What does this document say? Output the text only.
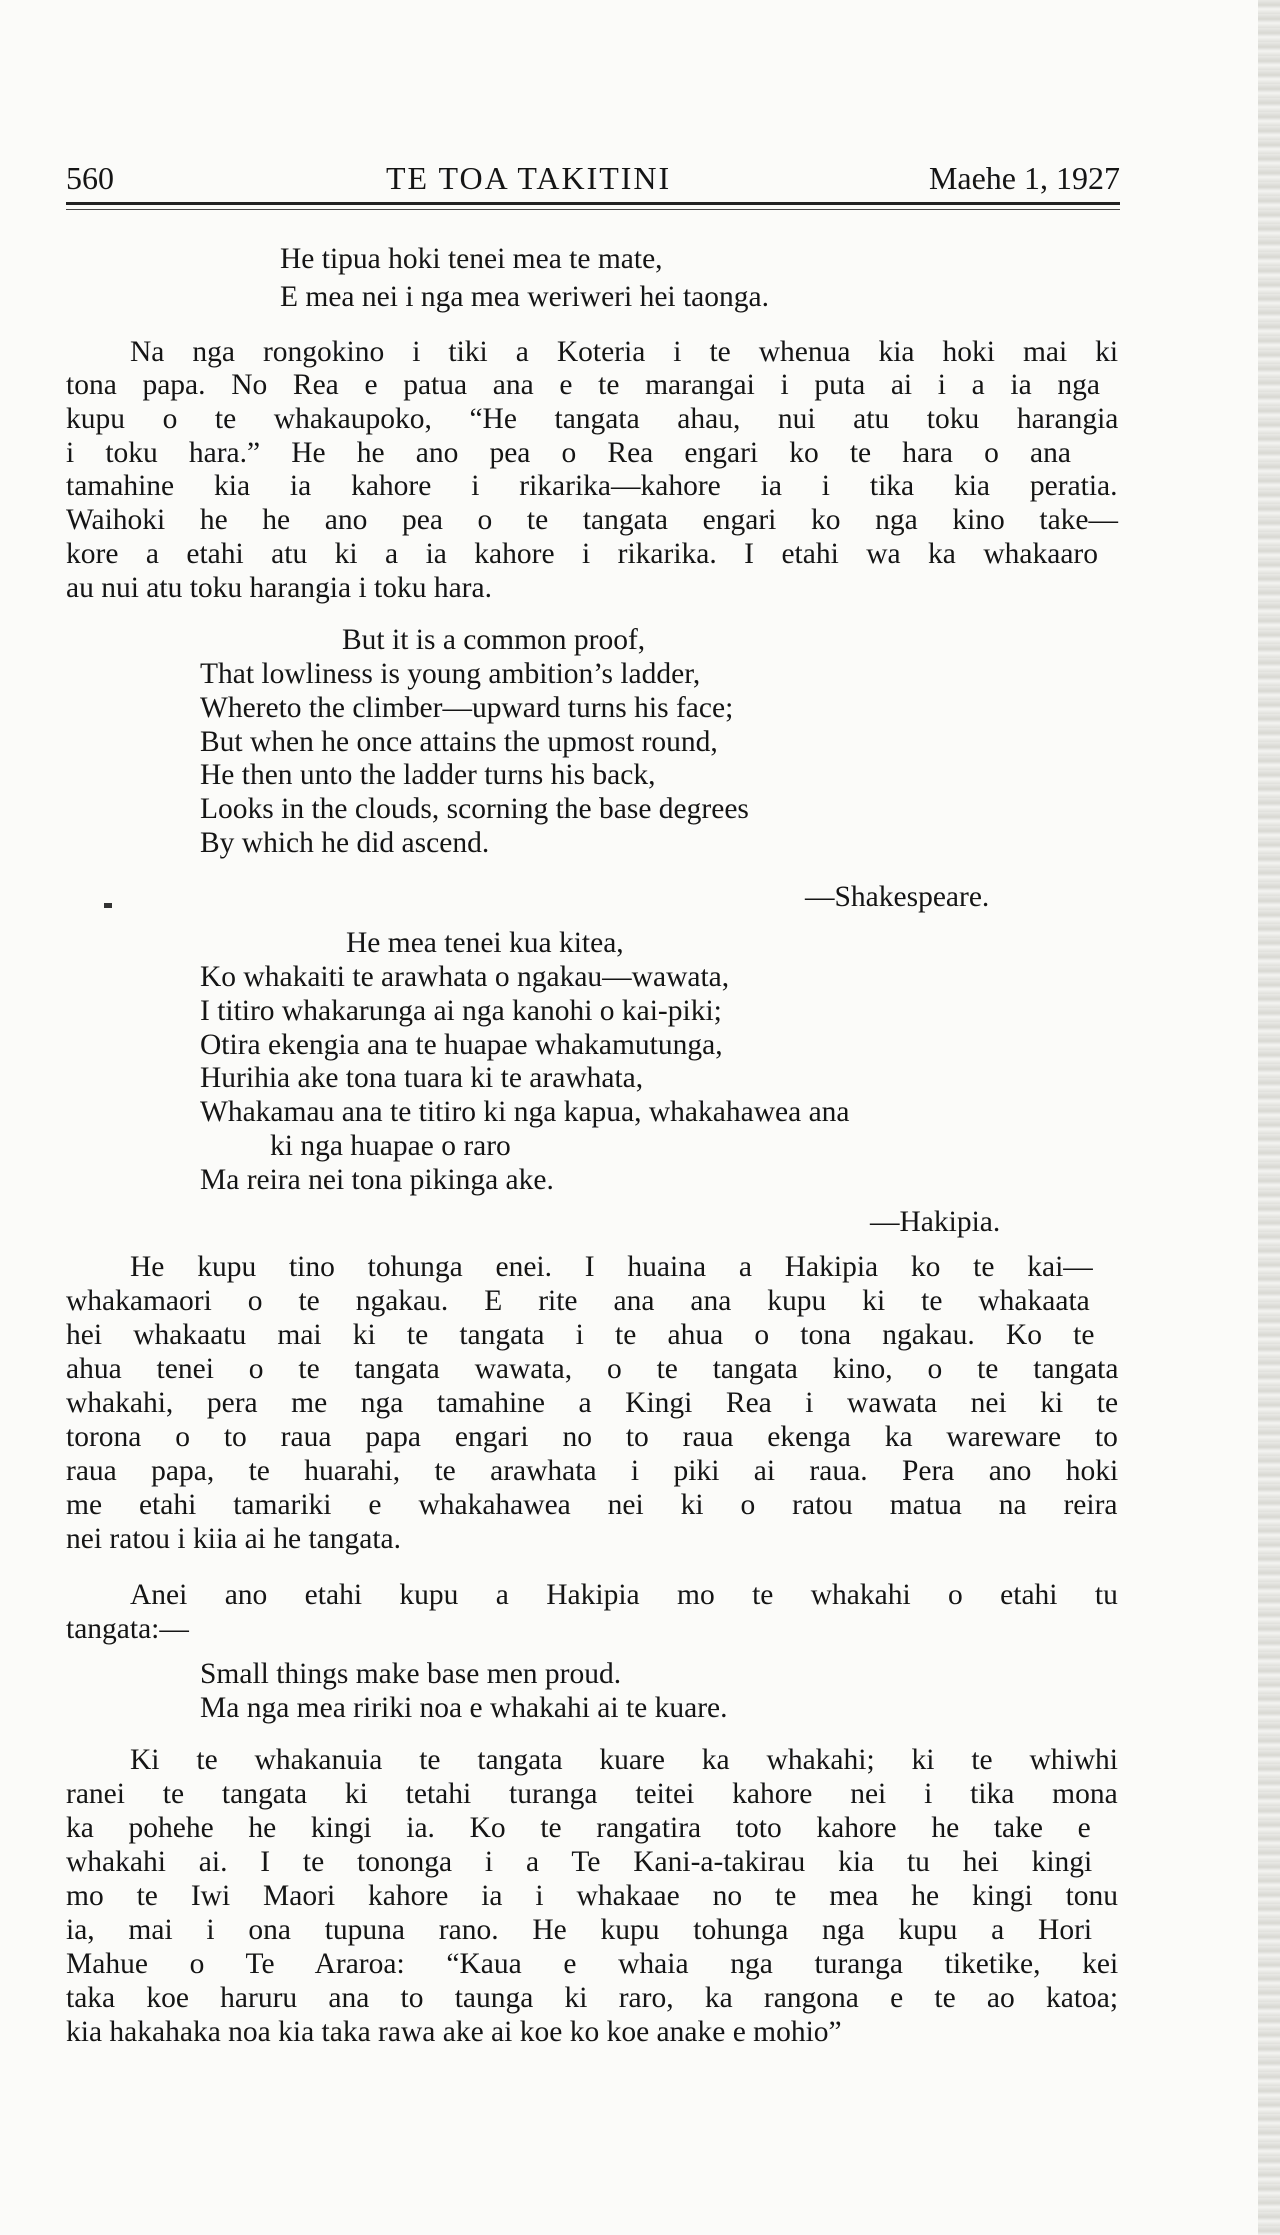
560	TE TOA TAKITINI	Maehe 1, 1927
He tipua hoki tenei mea te mate,
E mea nei i nga mea weriweri hei taonga.
Na nga rongokino i tiki a Koteria i te whenua kia hoki mai ki
tona papa. No Rea e patua ana e te marangai i puta ai i a ia nga
kupu o te whakaupoko, “He tangata ahau, nui atu toku harangia
i toku hara.” He he ano pea o Rea engari ko te hara o ana
tamahine kia ia kahore i rikarika—kahore ia i tika kia peratia.
Waihoki he he ano pea o te tangata engari ko nga kino take—
kore a etahi atu ki a ia kahore i rikarika. I etahi wa ka whakaaro
au nui atu toku harangia i toku hara.
But it is a common proof,
That lowliness is young ambition’s ladder,
Whereto the climber—upward turns his face;
But when he once attains the upmost round,
He then unto the ladder turns his back,
Looks in the clouds, scorning the base degrees
By which he did ascend.
—Shakespeare.
He mea tenei kua kitea,
Ko whakaiti te arawhata o ngakau—wawata,
I titiro whakarunga ai nga kanohi o kai-piki;
Otira ekengia ana te huapae whakamutunga,
Hurihia ake tona tuara ki te arawhata,
Whakamau ana te titiro ki nga kapua, whakahawea ana
ki nga huapae o raro
Ma reira nei tona pikinga ake.
—Hakipia.
He kupu tino tohunga enei. I huaina a Hakipia ko te kai—
whakamaori o te ngakau. E rite ana ana kupu ki te whakaata
hei whakaatu mai ki te tangata i te ahua o tona ngakau. Ko te
ahua tenei o te tangata wawata, o te tangata kino, o te tangata
whakahi, pera me nga tamahine a Kingi Rea i wawata nei ki te
torona o to raua papa engari no to raua ekenga ka wareware to
raua papa, te huarahi, te arawhata i piki ai raua. Pera ano hoki
me etahi tamariki e whakahawea nei ki o ratou matua na reira
nei ratou i kiia ai he tangata.
Anei ano etahi kupu a Hakipia mo te whakahi o etahi tu
tangata:—
Small things make base men proud.
Ma nga mea ririki noa e whakahi ai te kuare.
Ki te whakanuia te tangata kuare ka whakahi; ki te whiwhi
ranei te tangata ki tetahi turanga teitei kahore nei i tika mona
ka pohehe he kingi ia. Ko te rangatira toto kahore he take e
whakahi ai. I te tononga i a Te Kani-a-takirau kia tu hei kingi
mo te Iwi Maori kahore ia i whakaae no te mea he kingi tonu
ia, mai i ona tupuna rano. He kupu tohunga nga kupu a Hori
Mahue o Te Araroa: “Kaua e whaia nga turanga tiketike, kei
taka koe haruru ana to taunga ki raro, ka rangona e te ao katoa;
kia hakahaka noa kia taka rawa ake ai koe ko koe anake e mohio”
